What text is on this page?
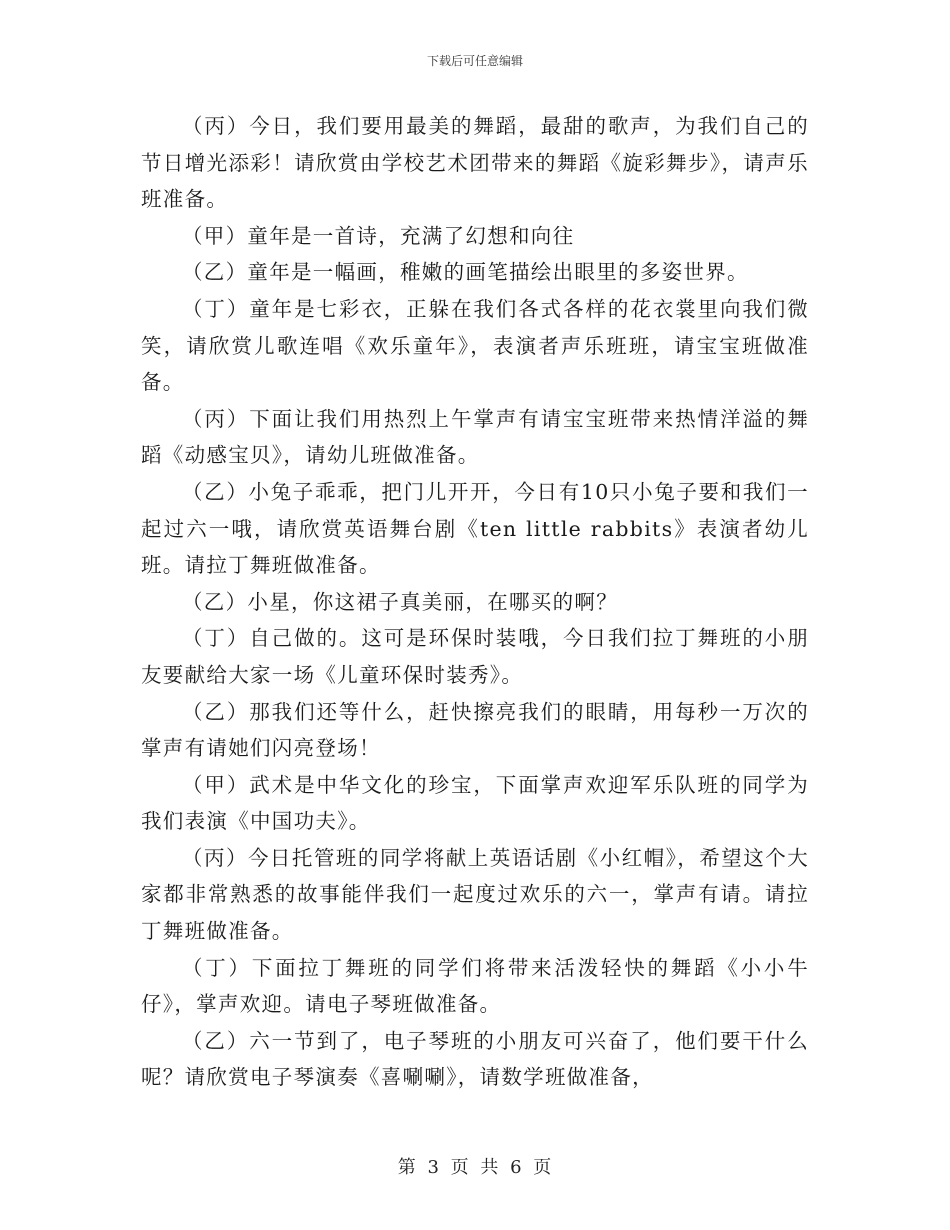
下载后可任意编辑

（丙）今日，我们要用最美的舞蹈，最甜的歌声，为我们自己的节日增光添彩！请欣赏由学校艺术团带来的舞蹈《旋彩舞步》，请声乐班准备。

（甲）童年是一首诗，充满了幻想和向往

（乙）童年是一幅画，稚嫩的画笔描绘出眼里的多姿世界。

（丁）童年是七彩衣，正躲在我们各式各样的花衣裳里向我们微笑，请欣赏儿歌连唱《欢乐童年》，表演者声乐班班，请宝宝班做准备。

（丙）下面让我们用热烈上午掌声有请宝宝班带来热情洋溢的舞蹈《动感宝贝》，请幼儿班做准备。

（乙）小兔子乖乖，把门儿开开，今日有10只小兔子要和我们一起过六一哦，请欣赏英语舞台剧《ten little rabbits》表演者幼儿班。请拉丁舞班做准备。

（乙）小星，你这裙子真美丽，在哪买的啊？

（丁）自己做的。这可是环保时装哦，今日我们拉丁舞班的小朋友要献给大家一场《儿童环保时装秀》。

（乙）那我们还等什么，赶快擦亮我们的眼睛，用每秒一万次的掌声有请她们闪亮登场！

（甲）武术是中华文化的珍宝，下面掌声欢迎军乐队班的同学为我们表演《中国功夫》。

（丙）今日托管班的同学将献上英语话剧《小红帽》，希望这个大家都非常熟悉的故事能伴我们一起度过欢乐的六一，掌声有请。请拉丁舞班做准备。

（丁）下面拉丁舞班的同学们将带来活泼轻快的舞蹈《小小牛仔》，掌声欢迎。请电子琴班做准备。

（乙）六一节到了，电子琴班的小朋友可兴奋了，他们要干什么呢？请欣赏电子琴演奏《喜唰唰》，请数学班做准备，

第 3 页 共 6 页
